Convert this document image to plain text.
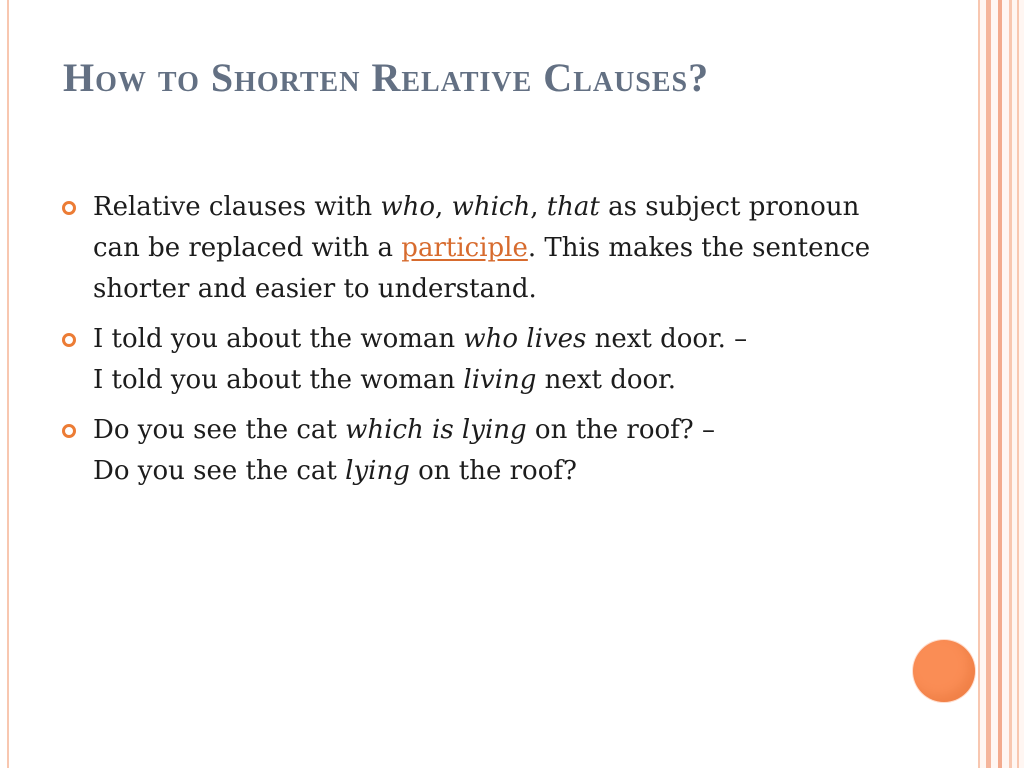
How to Shorten Relative Clauses?
Relative clauses with who, which, that as subject pronoun can be replaced with a participle. This makes the sentence shorter and easier to understand.
I told you about the woman who lives next door. –
I told you about the woman living next door.
Do you see the cat which is lying on the roof? –
Do you see the cat lying on the roof?
